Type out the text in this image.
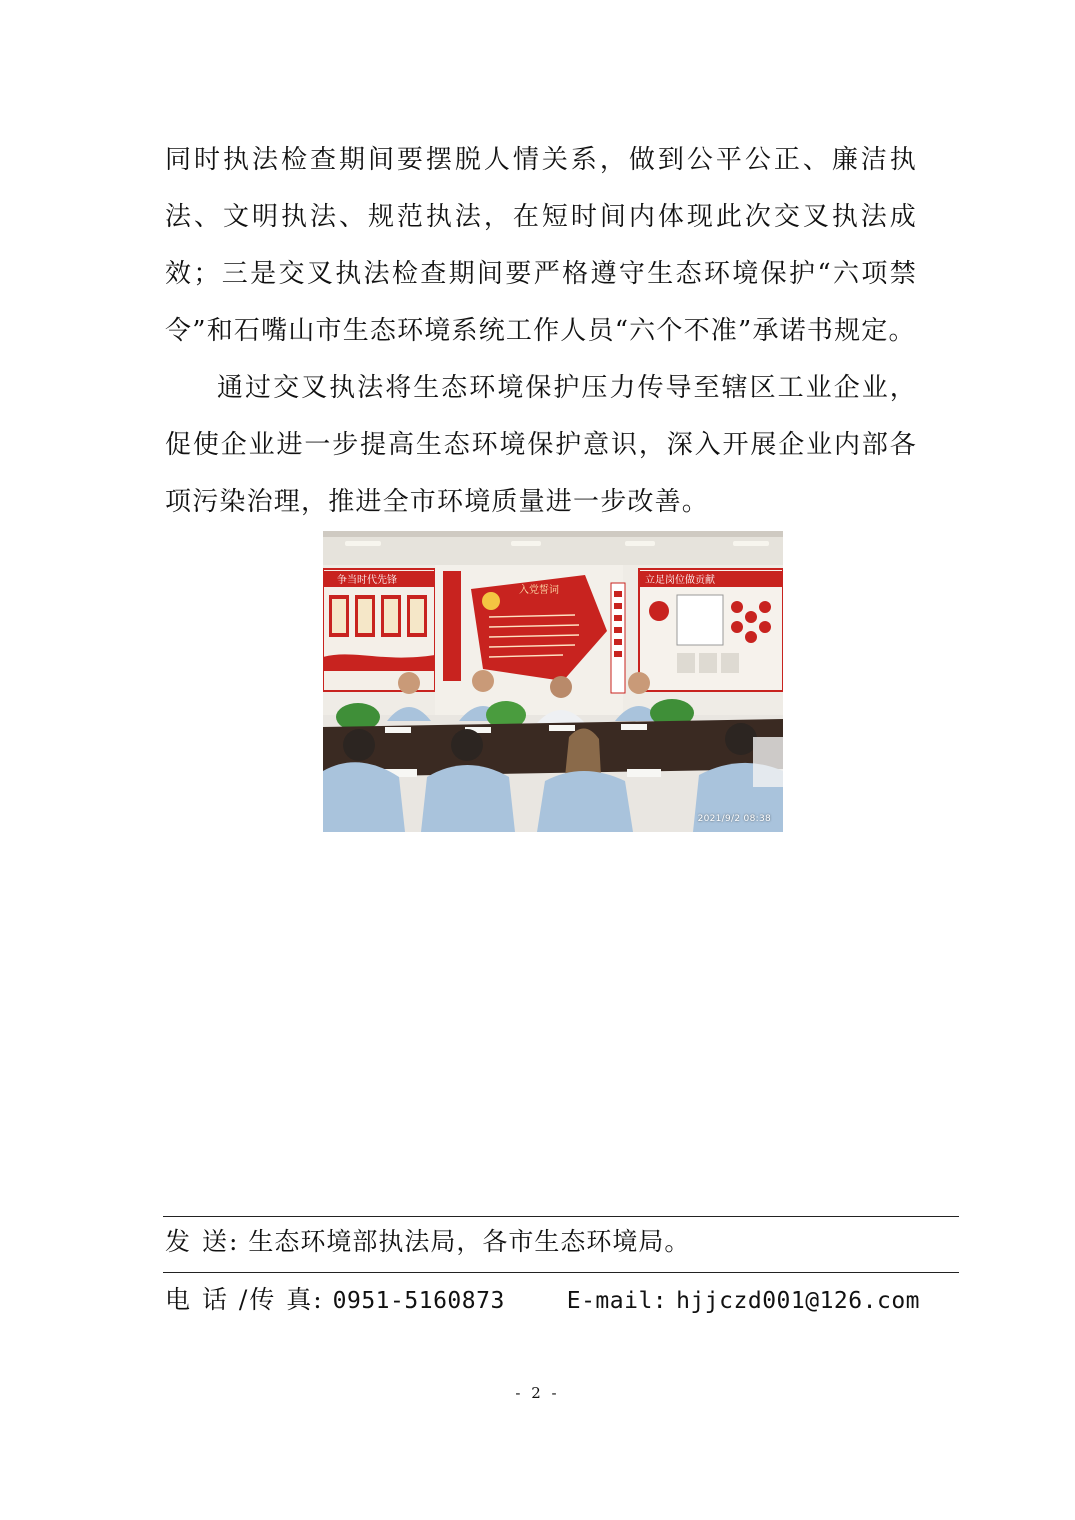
同时执法检查期间要摆脱人情关系，做到公平公正、廉洁执法、文明执法、规范执法，在短时间内体现此次交叉执法成效；三是交叉执法检查期间要严格遵守生态环境保护“六项禁令”和石嘴山市生态环境系统工作人员“六个不准”承诺书规定。

通过交叉执法将生态环境保护压力传导至辖区工业企业，促使企业进一步提高生态环境保护意识，深入开展企业内部各项污染治理，推进全市环境质量进一步改善。

争当时代先锋
入党誓词
立足岗位做贡献
2021/9/2 08:38
发 送: 生态环境部执法局，各市生态环境局。
电 话 /传 真: 0951-5160873	E-mail: hjjczd001@126.com
- 2 -
